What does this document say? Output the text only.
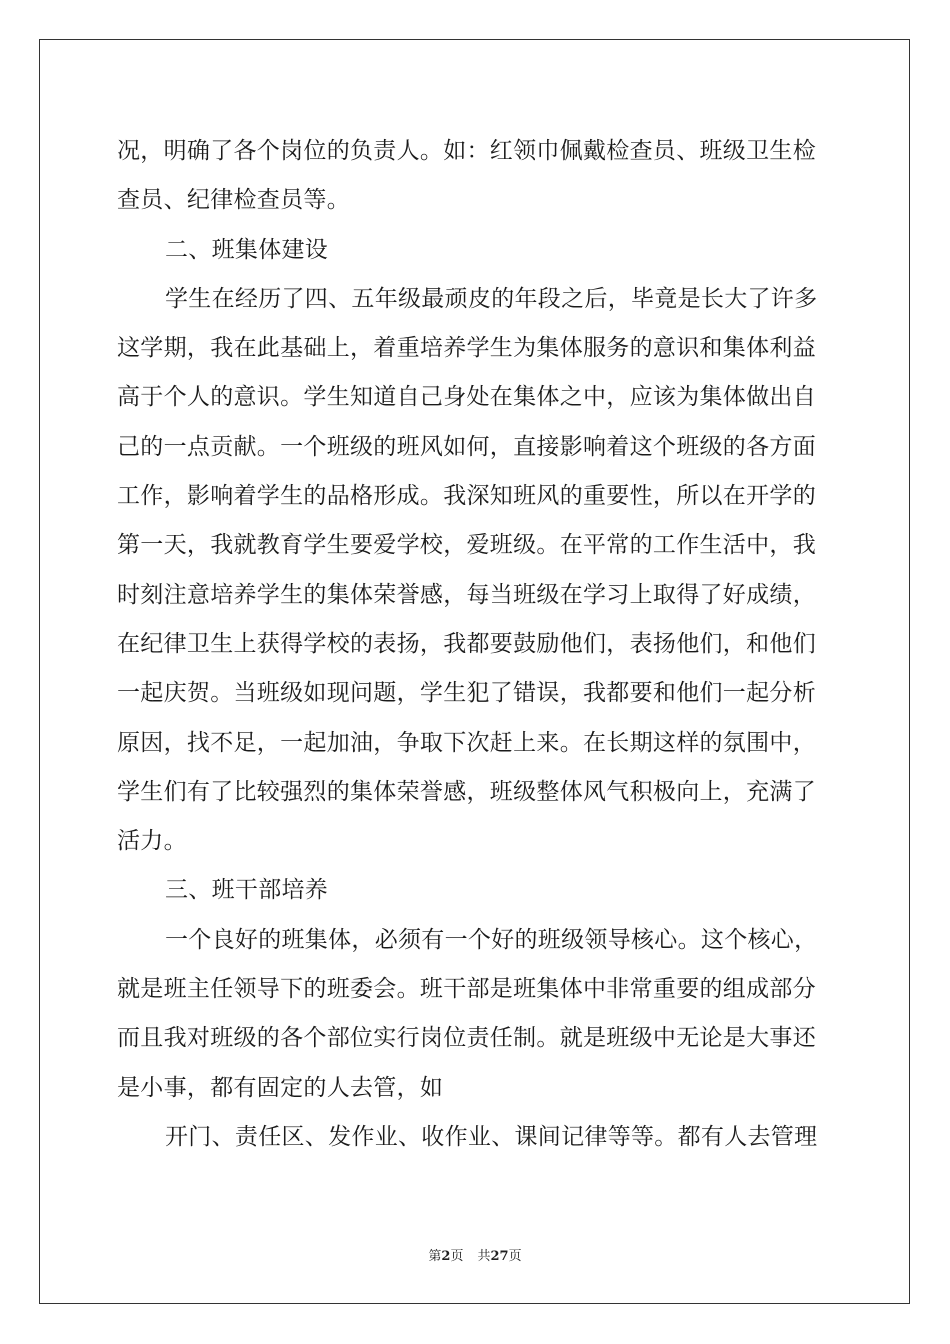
况，明确了各个岗位的负责人。如：红领巾佩戴检查员、班级卫生检
查员、纪律检查员等。
二、班集体建设
学生在经历了四、五年级最顽皮的年段之后，毕竟是长大了许多
这学期，我在此基础上，着重培养学生为集体服务的意识和集体利益
高于个人的意识。学生知道自己身处在集体之中，应该为集体做出自
己的一点贡献。一个班级的班风如何，直接影响着这个班级的各方面
工作，影响着学生的品格形成。我深知班风的重要性，所以在开学的
第一天，我就教育学生要爱学校，爱班级。在平常的工作生活中，我
时刻注意培养学生的集体荣誉感，每当班级在学习上取得了好成绩，
在纪律卫生上获得学校的表扬，我都要鼓励他们，表扬他们，和他们
一起庆贺。当班级如现问题，学生犯了错误，我都要和他们一起分析
原因，找不足，一起加油，争取下次赶上来。在长期这样的氛围中，
学生们有了比较强烈的集体荣誉感，班级整体风气积极向上，充满了
活力。
三、班干部培养
一个良好的班集体，必须有一个好的班级领导核心。这个核心，
就是班主任领导下的班委会。班干部是班集体中非常重要的组成部分
而且我对班级的各个部位实行岗位责任制。就是班级中无论是大事还
是小事，都有固定的人去管，如
开门、责任区、发作业、收作业、课间记律等等。都有人去管理
第2页 共27页
